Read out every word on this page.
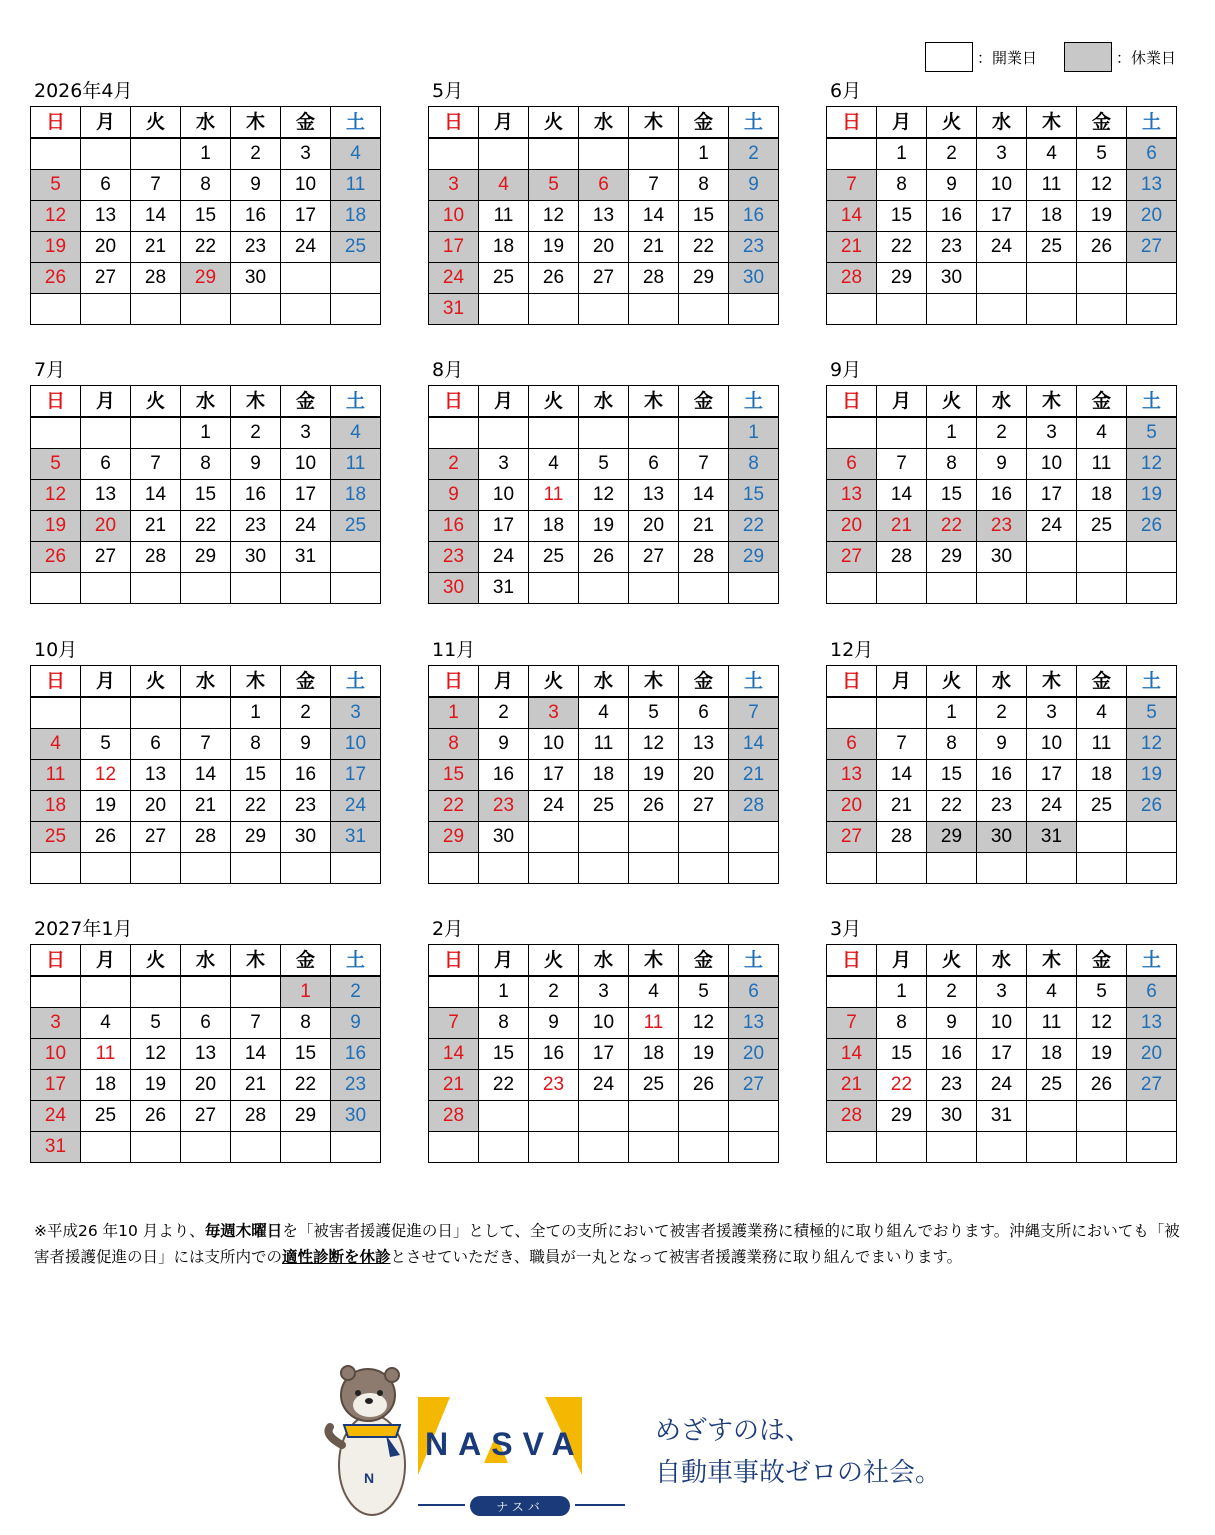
：開業日	：休業日
2026年4月
日	月	火	水	木	金	土
			1	2	3	4
5	6	7	8	9	10	11
12	13	14	15	16	17	18
19	20	21	22	23	24	25
26	27	28	29	30		

5月
日	月	火	水	木	金	土
					1	2
3	4	5	6	7	8	9
10	11	12	13	14	15	16
17	18	19	20	21	22	23
24	25	26	27	28	29	30
31						
6月
日	月	火	水	木	金	土
	1	2	3	4	5	6
7	8	9	10	11	12	13
14	15	16	17	18	19	20
21	22	23	24	25	26	27
28	29	30				

7月
日	月	火	水	木	金	土
			1	2	3	4
5	6	7	8	9	10	11
12	13	14	15	16	17	18
19	20	21	22	23	24	25
26	27	28	29	30	31	

8月
日	月	火	水	木	金	土
						1
2	3	4	5	6	7	8
9	10	11	12	13	14	15
16	17	18	19	20	21	22
23	24	25	26	27	28	29
30	31					
9月
日	月	火	水	木	金	土
		1	2	3	4	5
6	7	8	9	10	11	12
13	14	15	16	17	18	19
20	21	22	23	24	25	26
27	28	29	30			

10月
日	月	火	水	木	金	土
				1	2	3
4	5	6	7	8	9	10
11	12	13	14	15	16	17
18	19	20	21	22	23	24
25	26	27	28	29	30	31

11月
日	月	火	水	木	金	土
1	2	3	4	5	6	7
8	9	10	11	12	13	14
15	16	17	18	19	20	21
22	23	24	25	26	27	28
29	30					

12月
日	月	火	水	木	金	土
		1	2	3	4	5
6	7	8	9	10	11	12
13	14	15	16	17	18	19
20	21	22	23	24	25	26
27	28	29	30	31		

2027年1月
日	月	火	水	木	金	土
					1	2
3	4	5	6	7	8	9
10	11	12	13	14	15	16
17	18	19	20	21	22	23
24	25	26	27	28	29	30
31						
2月
日	月	火	水	木	金	土
	1	2	3	4	5	6
7	8	9	10	11	12	13
14	15	16	17	18	19	20
21	22	23	24	25	26	27
28						

3月
日	月	火	水	木	金	土
	1	2	3	4	5	6
7	8	9	10	11	12	13
14	15	16	17	18	19	20
21	22	23	24	25	26	27
28	29	30	31			

※平成26 年10 月より、毎週木曜日を「被害者援護促進の日」として、全ての支所において被害者援護業務に積極的に取り組んでおります。沖縄支所においても「被害者援護促進の日」には支所内での適性診断を休診とさせていただき、職員が一丸となって被害者援護業務に取り組んでまいります。
N
NASVA
ナスバ
めざすのは、
自動車事故ゼロの社会。
